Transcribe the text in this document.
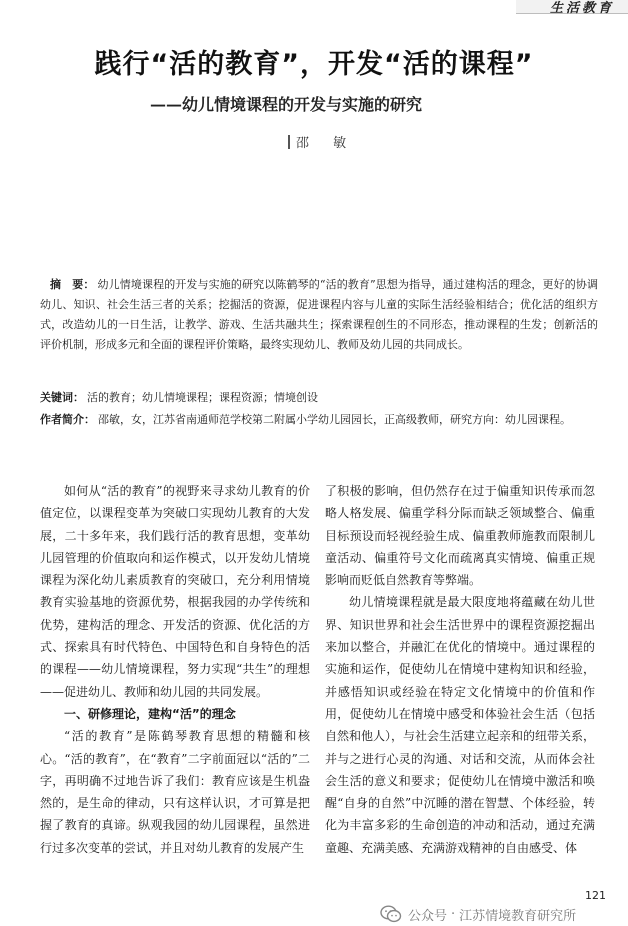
生活教育
践行“活的教育”，开发“活的课程”
——幼儿情境课程的开发与实施的研究
邵 敏
摘　要： 幼儿情境课程的开发与实施的研究以陈鹤琴的“活的教育”思想为指导，通过建构活的理念，更好的协调幼儿、知识、社会生活三者的关系；挖掘活的资源，促进课程内容与儿童的实际生活经验相结合；优化活的组织方式，改造幼儿的一日生活，让教学、游戏、生活共融共生；探索课程创生的不同形态，推动课程的生发；创新活的评价机制，形成多元和全面的课程评价策略，最终实现幼儿、教师及幼儿园的共同成长。
关键词： 活的教育；幼儿情境课程；课程资源；情境创设
作者简介： 邵敏，女，江苏省南通师范学校第二附属小学幼儿园园长，正高级教师，研究方向：幼儿园课程。

如何从“活的教育”的视野来寻求幼儿教育的价值定位，以课程变革为突破口实现幼儿教育的大发展，二十多年来，我们践行活的教育思想，变革幼儿园管理的价值取向和运作模式，以开发幼儿情境课程为深化幼儿素质教育的突破口，充分利用情境教育实验基地的资源优势，根据我园的办学传统和优势，建构活的理念、开发活的资源、优化活的方式、探索具有时代特色、中国特色和自身特色的活的课程——幼儿情境课程，努力实现“共生”的理想——促进幼儿、教师和幼儿园的共同发展。

一、研修理论，建构“活”的理念

“活的教育”是陈鹤琴教育思想的精髓和核心。“活的教育”，在“教育”二字前面冠以“活的”二字，再明确不过地告诉了我们：教育应该是生机盎然的，是生命的律动，只有这样认识，才可算是把握了教育的真谛。纵观我园的幼儿园课程，虽然进行过多次变革的尝试，并且对幼儿教育的发展产生

了积极的影响，但仍然存在过于偏重知识传承而忽略人格发展、偏重学科分际而缺乏领域整合、偏重目标预设而轻视经验生成、偏重教师施教而限制儿童活动、偏重符号文化而疏离真实情境、偏重正规影响而贬低自然教育等弊端。

幼儿情境课程就是最大限度地将蕴藏在幼儿世界、知识世界和社会生活世界中的课程资源挖掘出来加以整合，并融汇在优化的情境中。通过课程的实施和运作，促使幼儿在情境中建构知识和经验，并感悟知识或经验在特定文化情境中的价值和作用，促使幼儿在情境中感受和体验社会生活（包括自然和他人），与社会生活建立起亲和的纽带关系，并与之进行心灵的沟通、对话和交流，从而体会社会生活的意义和要求；促使幼儿在情境中激活和唤醒“自身的自然”中沉睡的潜在智慧、个体经验，转化为丰富多彩的生命创造的冲动和活动，通过充满童趣、充满美感、充满游戏精神的自由感受、体

121
公众号 · 江苏情境教育研究所
